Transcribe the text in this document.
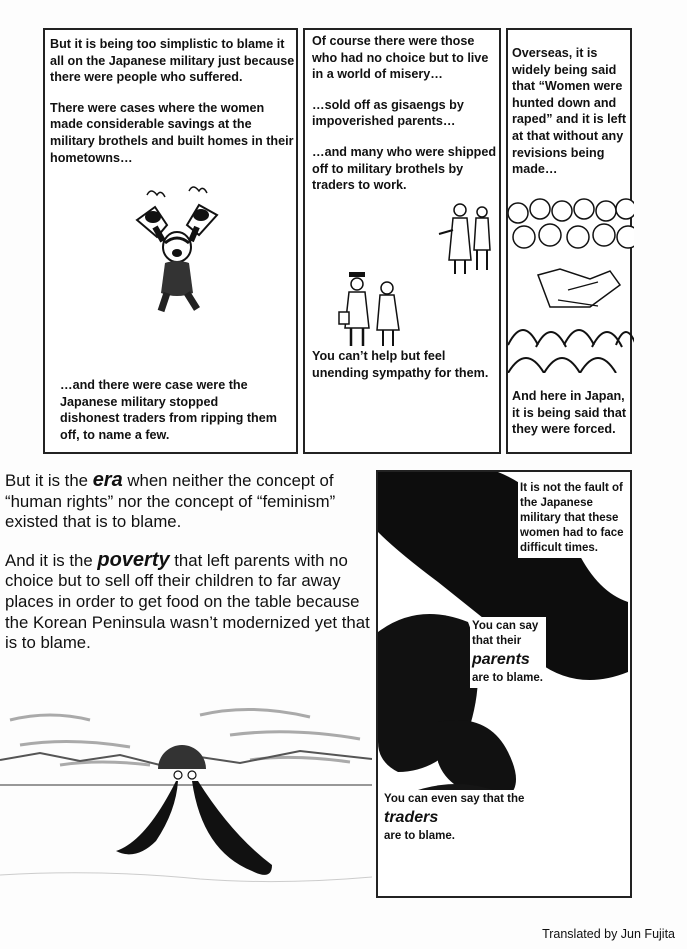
But it is being too simplistic to blame it all on the Japanese military just because there were people who suffered.

There were cases where the women made considerable savings at the military brothels and built homes in their hometowns…

…and there were case were the Japanese military stopped dishonest traders from ripping them off, to name a few.

Of course there were those who had no choice but to live in a world of misery…

…sold off as gisaengs by impoverished parents…

…and many who were shipped off to military brothels by traders to work.

You can’t help but feel unending sympathy for them.
Overseas, it is widely being said that “Women were hunted down and raped” and it is left at that without any revisions being made…
And here in Japan, it is being said that they were forced.

But it is the era when neither the concept of “human rights” nor the concept of “feminism” existed that is to blame.

And it is the poverty that left parents with no choice but to sell off their children to far away places in order to get food on the table because the Korean Peninsula wasn’t modernized yet that is to blame.

It is not the fault of the Japanese military that these women had to face difficult times.
You can say that their
parents
are to blame.
You can even say that the
traders
are to blame.
Translated by Jun Fujita
